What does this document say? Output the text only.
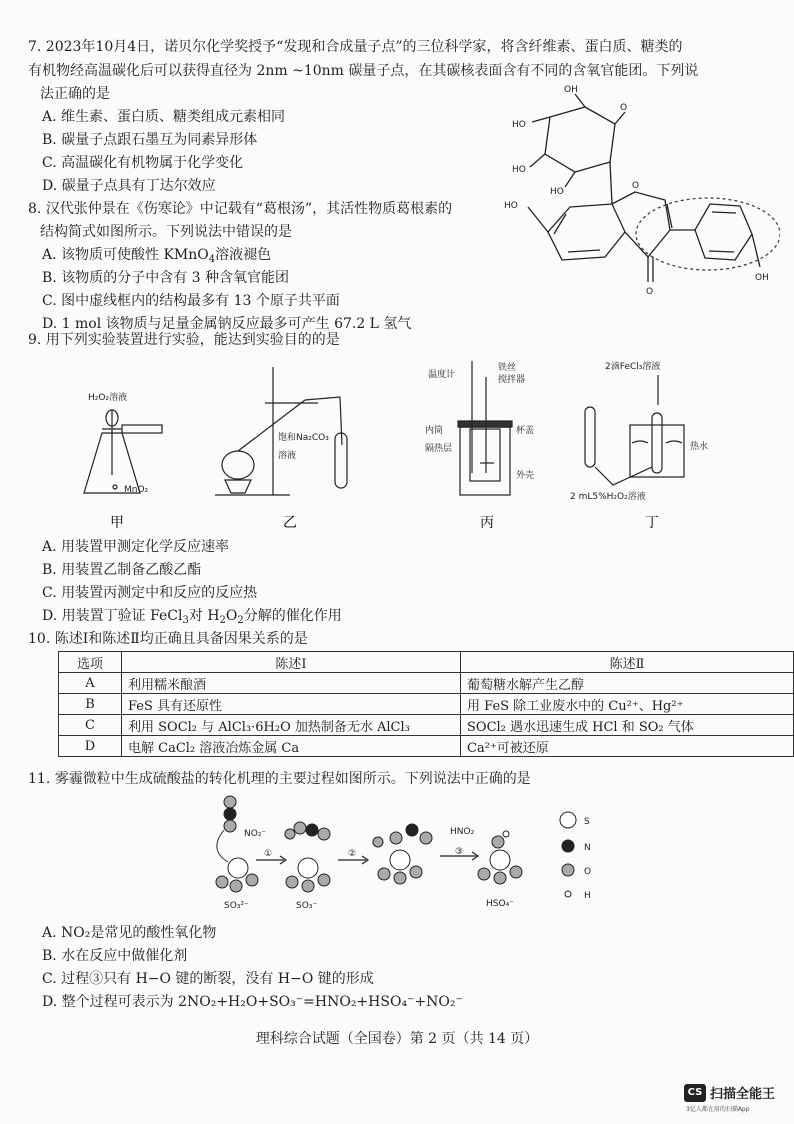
7. 2023年10月4日，诺贝尔化学奖授予“发现和合成量子点”的三位科学家，将含纤维素、蛋白质、糖类的
有机物经高温碳化后可以获得直径为 2nm ~10nm 碳量子点，在其碳核表面含有不同的含氧官能团。下列说
法正确的是
A. 维生素、蛋白质、糖类组成元素相同
B. 碳量子点跟石墨互为同素异形体
C. 高温碳化有机物属于化学变化
D. 碳量子点具有丁达尔效应
8. 汉代张仲景在《伤寒论》中记载有“葛根汤”，其活性物质葛根素的
结构简式如图所示。下列说法中错误的是
A. 该物质可使酸性 KMnO$_4$溶液褪色
B. 该物质的分子中含有 3 种含氧官能团
C. 图中虚线框内的结构最多有 13 个原子共平面
D. 1 mol 该物质与足量金属钠反应最多可产生 67.2 L 氢气
OH
HO
HO
HO
O
HO
O
O
OH
9. 用下列实验装置进行实验，能达到实验目的的是
H₂O₂溶液
MnO₂
饱和Na₂CO₃
溶液
温度计
铁丝
搅拌器
内筒
隔热层
杯盖
外壳
2滴FeCl₃溶液
热水
2 mL5%H₂O₂溶液
甲	乙	丙	丁
A. 用装置甲测定化学反应速率
B. 用装置乙制备乙酸乙酯
C. 用装置丙测定中和反应的反应热
D. 用装置丁验证 FeCl$_3$对 $H_2O_2$分解的催化作用
10. 陈述Ⅰ和陈述Ⅱ均正确且具备因果关系的是
选项	陈述Ⅰ	陈述Ⅱ
A	利用糯米酿酒	葡萄糖水解产生乙醇
B	FeS 具有还原性	用 FeS 除工业废水中的 Cu²⁺、Hg²⁺
C	利用 SOCl₂ 与 AlCl₃·6H₂O 加热制备无水 AlCl₃	SOCl₂ 遇水迅速生成 HCl 和 SO₂ 气体
D	电解 CaCl₂ 溶液冶炼金属 Ca	Ca²⁺可被还原
11. 雾霾微粒中生成硫酸盐的转化机理的主要过程如图所示。下列说法中正确的是
NO₂⁻
①	②
HNO₂
③
SO₃²⁻	SO₃⁻	HSO₄⁻
S
N
O
H
A. NO₂是常见的酸性氧化物
B. 水在反应中做催化剂
C. 过程③只有 H−O 键的断裂，没有 H−O 键的形成
D. 整个过程可表示为 2NO₂+H₂O+SO₃⁻=HNO₂+HSO₄⁻+NO₂⁻
理科综合试题（全国卷）第 2 页（共 14 页）
CS 扫描全能王
3亿人都在用的扫描App
